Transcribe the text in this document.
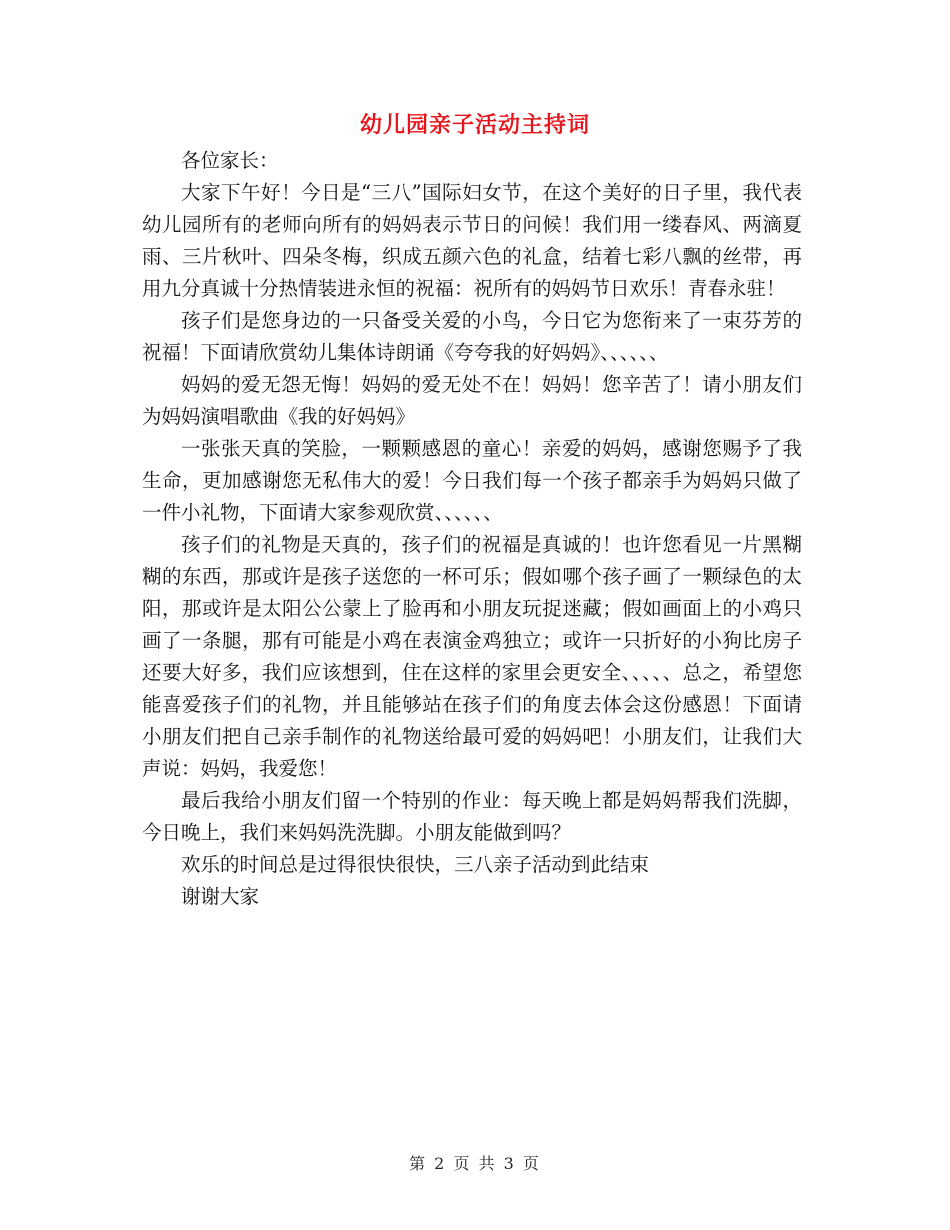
幼儿园亲子活动主持词

各位家长：

大家下午好！今日是“三八”国际妇女节，在这个美好的日子里，我代表幼儿园所有的老师向所有的妈妈表示节日的问候！我们用一缕春风、两滴夏雨、三片秋叶、四朵冬梅，织成五颜六色的礼盒，结着七彩八飘的丝带，再用九分真诚十分热情装进永恒的祝福：祝所有的妈妈节日欢乐！青春永驻！

孩子们是您身边的一只备受关爱的小鸟，今日它为您衔来了一束芬芳的祝福！下面请欣赏幼儿集体诗朗诵《夸夸我的好妈妈》、、、、、、

妈妈的爱无怨无悔！妈妈的爱无处不在！妈妈！您辛苦了！请小朋友们为妈妈演唱歌曲《我的好妈妈》

一张张天真的笑脸，一颗颗感恩的童心！亲爱的妈妈，感谢您赐予了我生命，更加感谢您无私伟大的爱！今日我们每一个孩子都亲手为妈妈只做了一件小礼物，下面请大家参观欣赏、、、、、、

孩子们的礼物是天真的，孩子们的祝福是真诚的！也许您看见一片黑糊糊的东西，那或许是孩子送您的一杯可乐；假如哪个孩子画了一颗绿色的太阳，那或许是太阳公公蒙上了脸再和小朋友玩捉迷藏；假如画面上的小鸡只画了一条腿，那有可能是小鸡在表演金鸡独立；或许一只折好的小狗比房子还要大好多，我们应该想到，住在这样的家里会更安全、、、、、总之，希望您能喜爱孩子们的礼物，并且能够站在孩子们的角度去体会这份感恩！下面请小朋友们把自己亲手制作的礼物送给最可爱的妈妈吧！小朋友们，让我们大声说：妈妈，我爱您！

最后我给小朋友们留一个特别的作业：每天晚上都是妈妈帮我们洗脚，今日晚上，我们来妈妈洗洗脚。小朋友能做到吗？

欢乐的时间总是过得很快很快，三八亲子活动到此结束

谢谢大家

第 2 页 共 3 页
